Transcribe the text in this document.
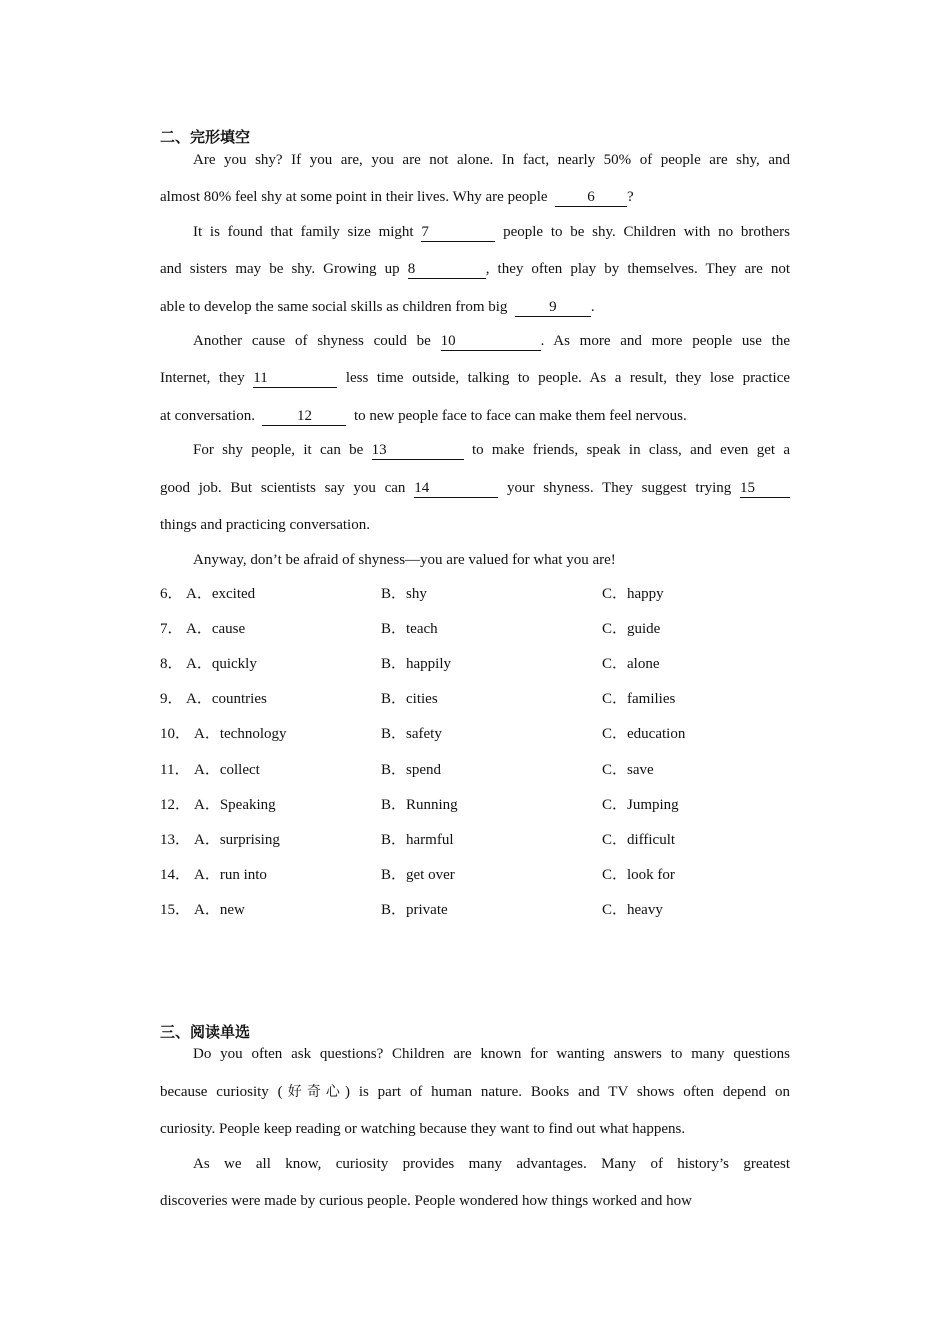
二、完形填空
Are you shy? If you are, you are not alone. In fact, nearly 50% of people are shy, and
almost 80% feel shy at some point in their lives. Why are people	6 ?
It is found that family size might 7	people to be shy. Children with no brothers
and sisters may be shy. Growing up 8	, they often play by themselves. They are not
able to develop the same social skills as children from big	9 .
Another cause of shyness could be 10	. As more and more people use the
Internet, they 11	less time outside, talking to people. As a result, they lose practice
at conversation.	12	to new people face to face can make them feel nervous.
For shy people, it can be 13	to make friends, speak in class, and even get a
good job. But scientists say you can 14	your shyness. They suggest trying 15
things and practicing conversation.
Anyway, don’t be afraid of shyness—you are valued for what you are!
6． A．excited	B．shy	C．happy
7． A．cause	B．teach	C．guide
8． A．quickly	B．happily	C．alone
9． A．countries	B．cities	C．families
10． A．technology	B．safety	C．education
11． A．collect	B．spend	C．save
12． A．Speaking	B．Running	C．Jumping
13． A．surprising	B．harmful	C．difficult
14． A．run into	B．get over	C．look for
15． A．new	B．private	C．heavy
三、阅读单选
Do you often ask questions? Children are known for wanting answers to many questions
because curiosity (好奇心) is part of human nature. Books and TV shows often depend on
curiosity. People keep reading or watching because they want to find out what happens.
As we all know, curiosity provides many advantages. Many of history’s greatest
discoveries were made by curious people. People wondered how things worked and how
